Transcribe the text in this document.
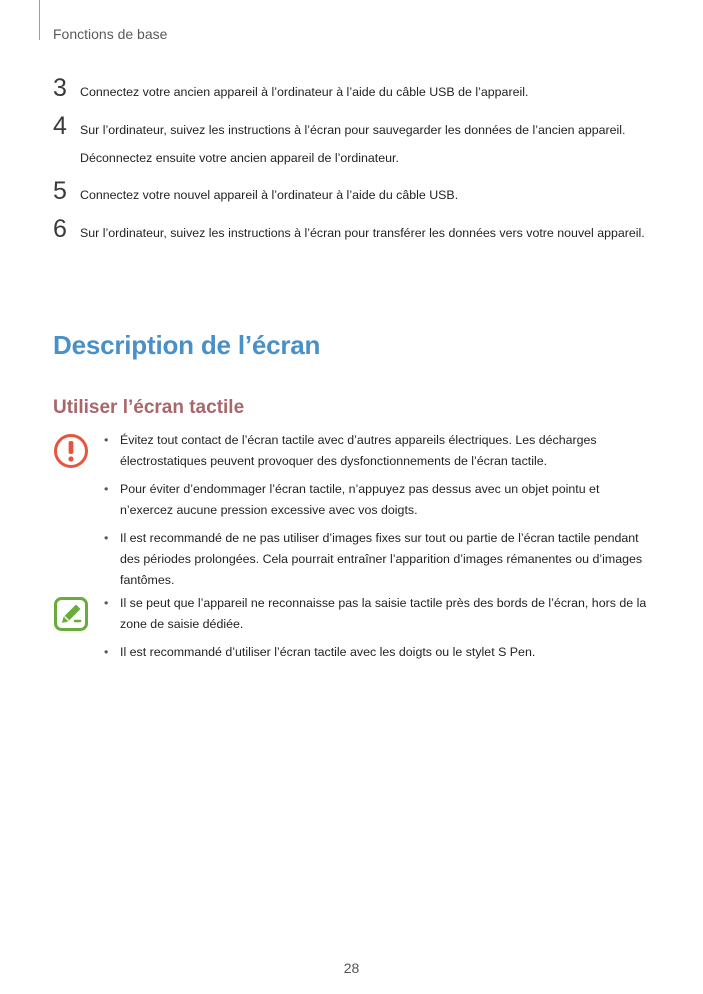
Fonctions de base
3 Connectez votre ancien appareil à l’ordinateur à l’aide du câble USB de l’appareil.
4 Sur l’ordinateur, suivez les instructions à l’écran pour sauvegarder les données de l’ancien appareil.
Déconnectez ensuite votre ancien appareil de l’ordinateur.
5 Connectez votre nouvel appareil à l’ordinateur à l’aide du câble USB.
6 Sur l’ordinateur, suivez les instructions à l’écran pour transférer les données vers votre nouvel appareil.
Description de l’écran
Utiliser l’écran tactile
• Évitez tout contact de l’écran tactile avec d’autres appareils électriques. Les décharges électrostatiques peuvent provoquer des dysfonctionnements de l’écran tactile.
• Pour éviter d’endommager l’écran tactile, n’appuyez pas dessus avec un objet pointu et n’exercez aucune pression excessive avec vos doigts.
• Il est recommandé de ne pas utiliser d’images fixes sur tout ou partie de l’écran tactile pendant des périodes prolongées. Cela pourrait entraîner l’apparition d’images rémanentes ou d’images fantômes.
• Il se peut que l’appareil ne reconnaisse pas la saisie tactile près des bords de l’écran, hors de la zone de saisie dédiée.
• Il est recommandé d’utiliser l’écran tactile avec les doigts ou le stylet S Pen.
28
